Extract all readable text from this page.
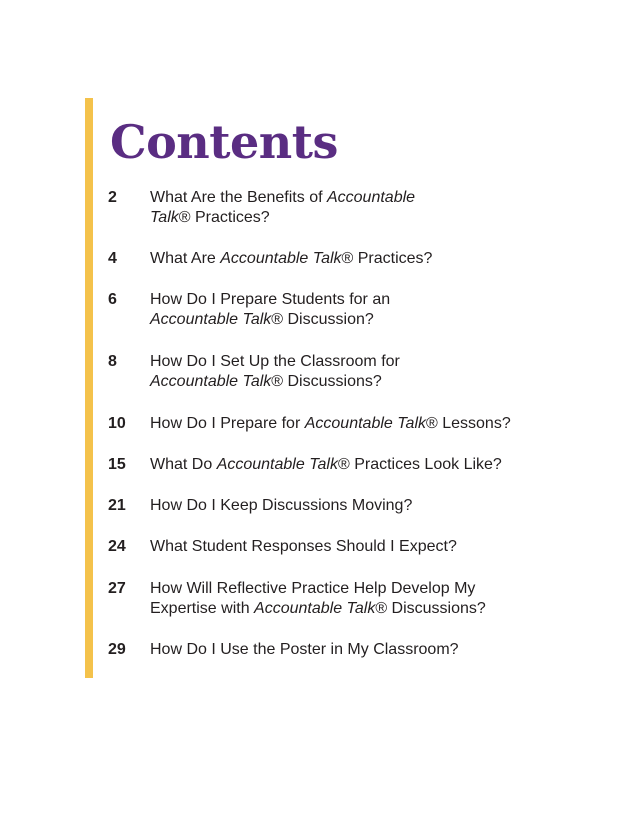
Contents
2	What Are the Benefits of Accountable
Talk® Practices?
4	What Are Accountable Talk® Practices?
6	How Do I Prepare Students for an
Accountable Talk® Discussion?
8	How Do I Set Up the Classroom for
Accountable Talk® Discussions?
10	How Do I Prepare for Accountable Talk® Lessons?
15	What Do Accountable Talk® Practices Look Like?
21	How Do I Keep Discussions Moving?
24	What Student Responses Should I Expect?
27	How Will Reflective Practice Help Develop My
Expertise with Accountable Talk® Discussions?
29	How Do I Use the Poster in My Classroom?
